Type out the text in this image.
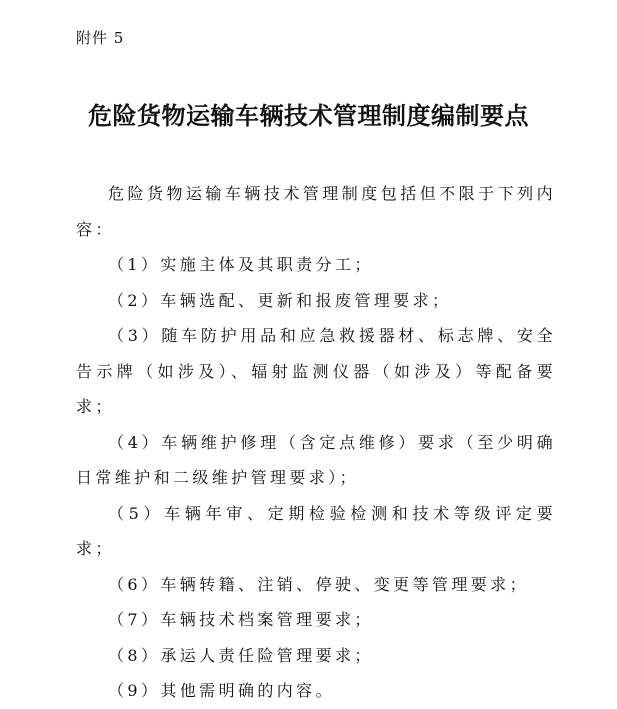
附件 5
危险货物运输车辆技术管理制度编制要点

危险货物运输车辆技术管理制度包括但不限于下列内容：

（1）实施主体及其职责分工；

（2）车辆选配、更新和报废管理要求；

（3）随车防护用品和应急救援器材、标志牌、安全告示牌（如涉及）、辐射监测仪器（如涉及）等配备要求；

（4）车辆维护修理（含定点维修）要求（至少明确日常维护和二级维护管理要求）；

（5）车辆年审、定期检验检测和技术等级评定要求；

（6）车辆转籍、注销、停驶、变更等管理要求；

（7）车辆技术档案管理要求；

（8）承运人责任险管理要求；

（9）其他需明确的内容。
